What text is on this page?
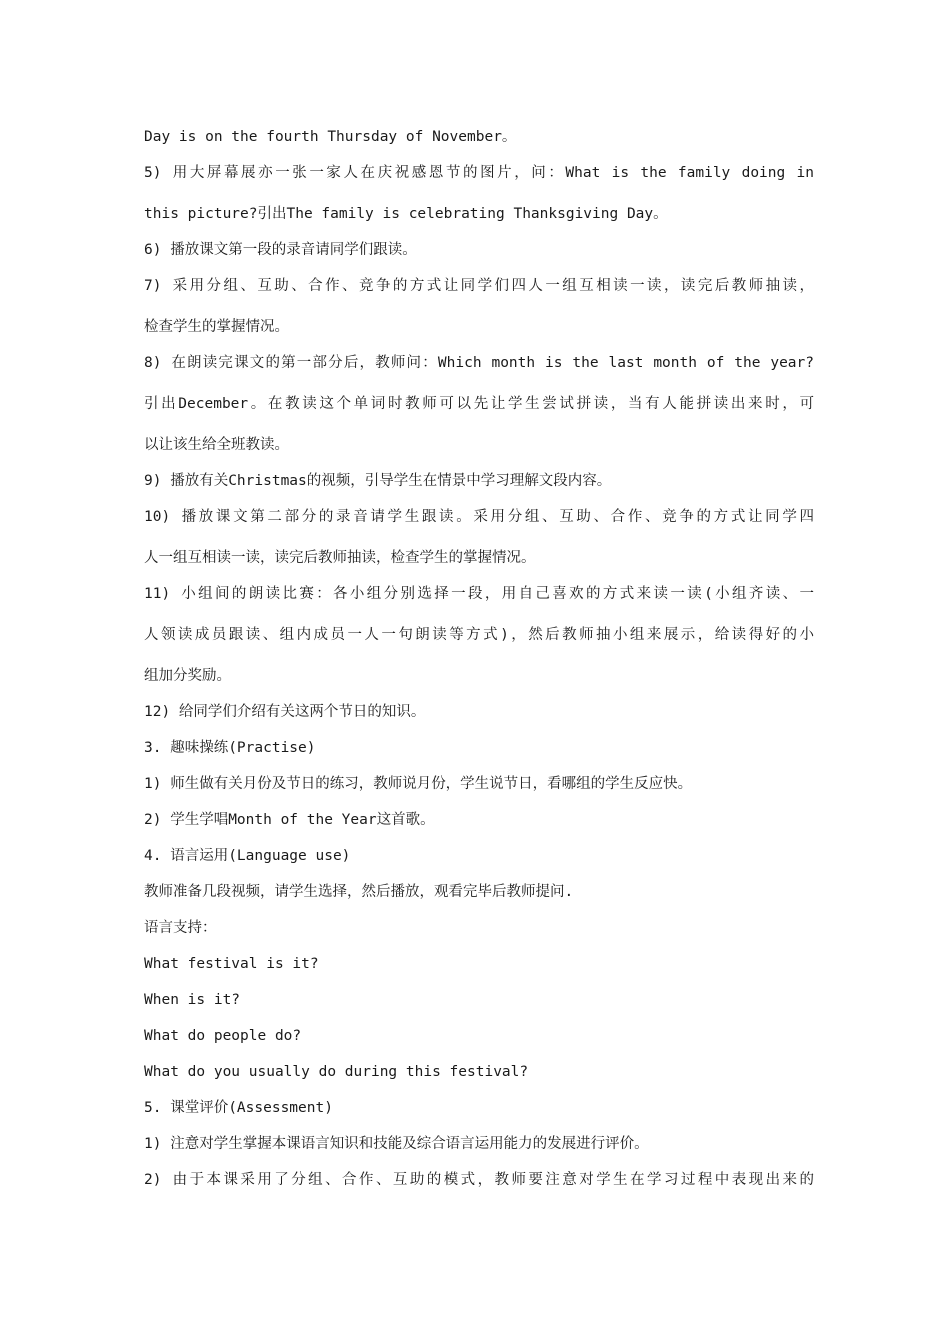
Day is on the fourth Thursday of November。
5) 用大屏幕展亦一张一家人在庆祝感恩节的图片，问：What is the family doing in
this picture?引出The family is celebrating Thanksgiving Day。
6) 播放课文第一段的录音请同学们跟读。
7) 采用分组、互助、合作、竞争的方式让同学们四人一组互相读一读，读完后教师抽读，
检查学生的掌握情况。
8) 在朗读完课文的第一部分后，教师问：Which month is the last month of the year?
引出December。在教读这个单词时教师可以先让学生尝试拼读，当有人能拼读出来时，可
以让该生给全班教读。
9) 播放有关Christmas的视频，引导学生在情景中学习理解文段内容。
10) 播放课文第二部分的录音请学生跟读。采用分组、互助、合作、竞争的方式让同学四
人一组互相读一读，读完后教师抽读，检查学生的掌握情况。
11) 小组间的朗读比赛：各小组分别选择一段，用自己喜欢的方式来读一读(小组齐读、一
人领读成员跟读、组内成员一人一句朗读等方式)，然后教师抽小组来展示，给读得好的小
组加分奖励。
12) 给同学们介绍有关这两个节日的知识。
3. 趣味操练(Practise)
1) 师生做有关月份及节日的练习，教师说月份，学生说节日，看哪组的学生反应快。
2) 学生学唱Month of the Year这首歌。
4. 语言运用(Language use)
教师准备几段视频，请学生选择，然后播放，观看完毕后教师提问.
语言支持：
What festival is it?
When is it?
What do people do?
What do you usually do during this festival?
5. 课堂评价(Assessment)
1) 注意对学生掌握本课语言知识和技能及综合语言运用能力的发展进行评价。
2) 由于本课采用了分组、合作、互助的模式，教师要注意对学生在学习过程中表现出来的
